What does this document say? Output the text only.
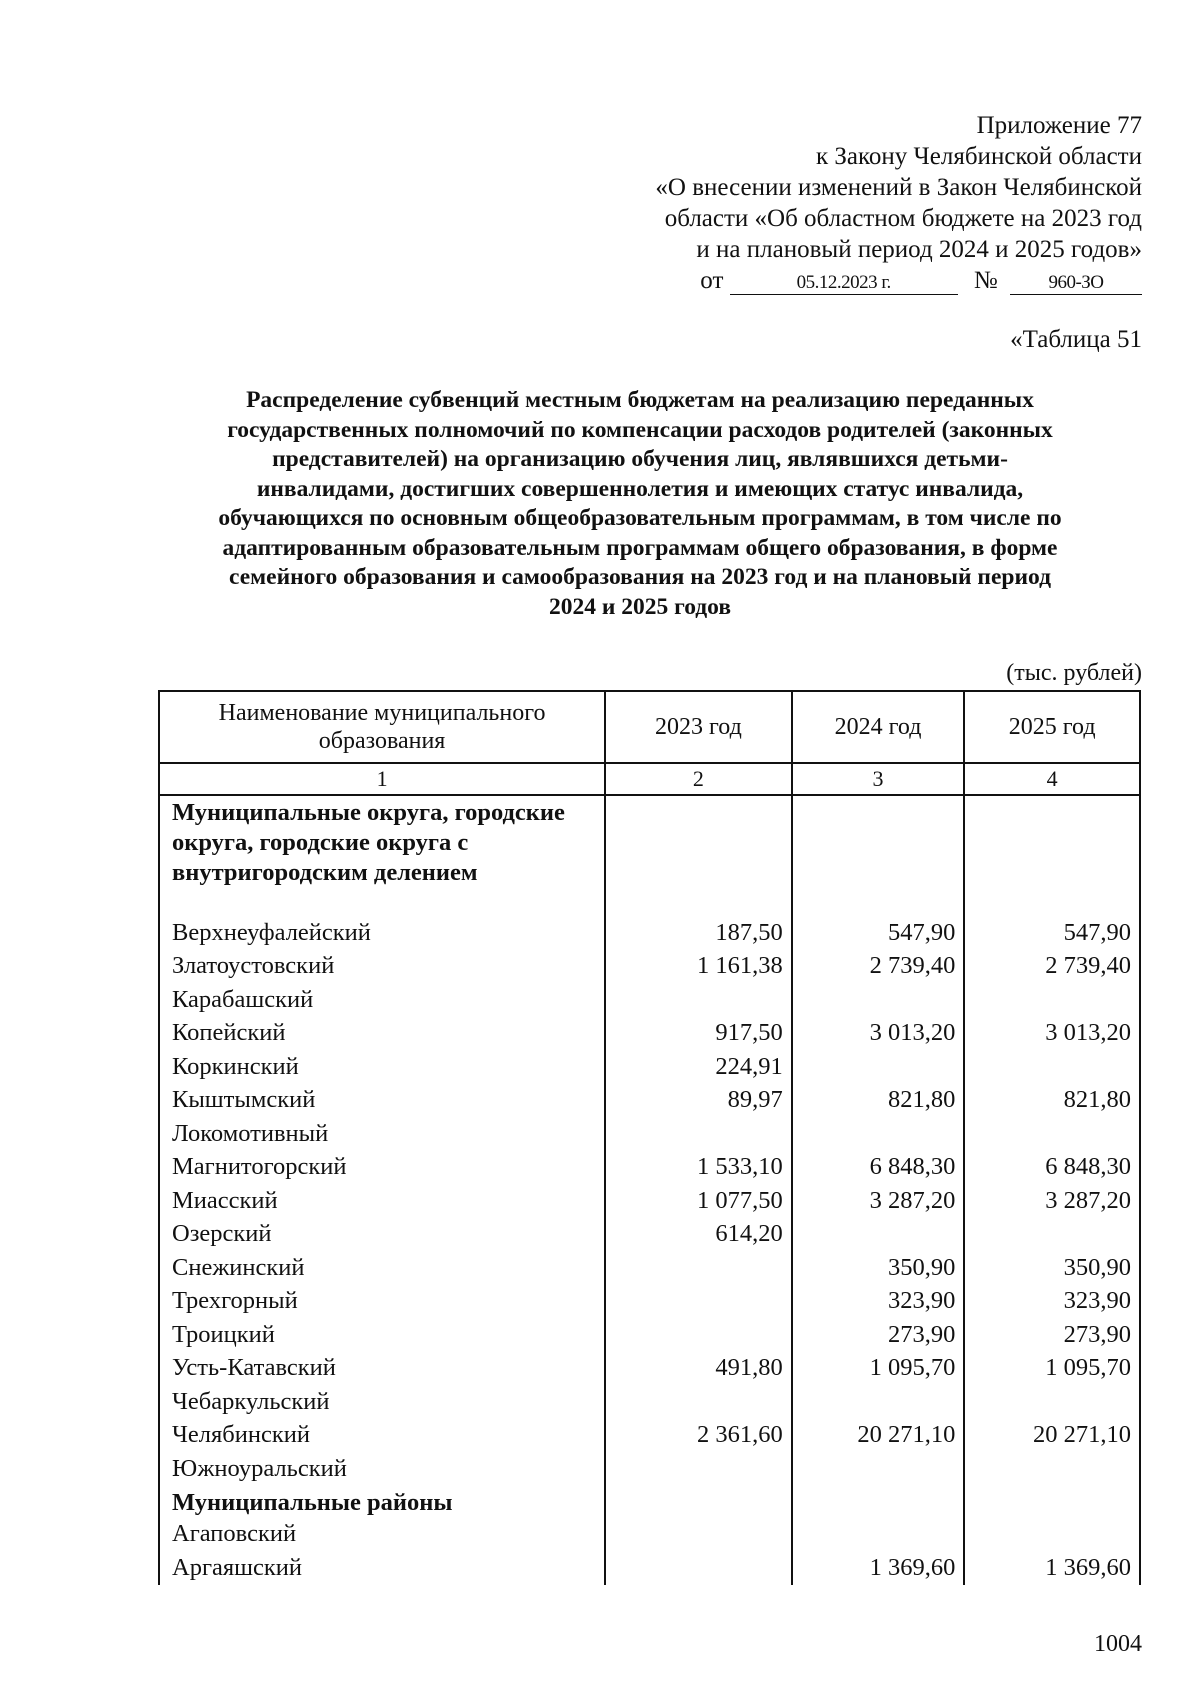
Приложение 77
к Закону Челябинской области
«О внесении изменений в Закон Челябинской
области «Об областном бюджете на 2023 год
и на плановый период 2024 и 2025 годов»
от	05.12.2023 г.	№	960-ЗО
«Таблица 51
Распределение субвенций местным бюджетам на реализацию переданных
государственных полномочий по компенсации расходов родителей (законных
представителей) на организацию обучения лиц, являвшихся детьми-
инвалидами, достигших совершеннолетия и имеющих статус инвалида,
обучающихся по основным общеобразовательным программам, в том числе по
адаптированным образовательным программам общего образования, в форме
семейного образования и самообразования на 2023 год и на плановый период
2024 и 2025 годов
(тыс. рублей)
Наименование муниципального образования	2023 год	2024 год	2025 год
1	2	3	4
Муниципальные округа, городские округа, городские округа с внутригородским делением			
Верхнеуфалейский	187,50	547,90	547,90
Златоустовский	1 161,38	2 739,40	2 739,40
Карабашский			
Копейский	917,50	3 013,20	3 013,20
Коркинский	224,91		
Кыштымский	89,97	821,80	821,80
Локомотивный			
Магнитогорский	1 533,10	6 848,30	6 848,30
Миасский	1 077,50	3 287,20	3 287,20
Озерский	614,20		
Снежинский		350,90	350,90
Трехгорный		323,90	323,90
Троицкий		273,90	273,90
Усть-Катавский	491,80	1 095,70	1 095,70
Чебаркульский			
Челябинский	2 361,60	20 271,10	20 271,10
Южноуральский			
Муниципальные районы			
Агаповский			
Аргаяшский		1 369,60	1 369,60
1004
